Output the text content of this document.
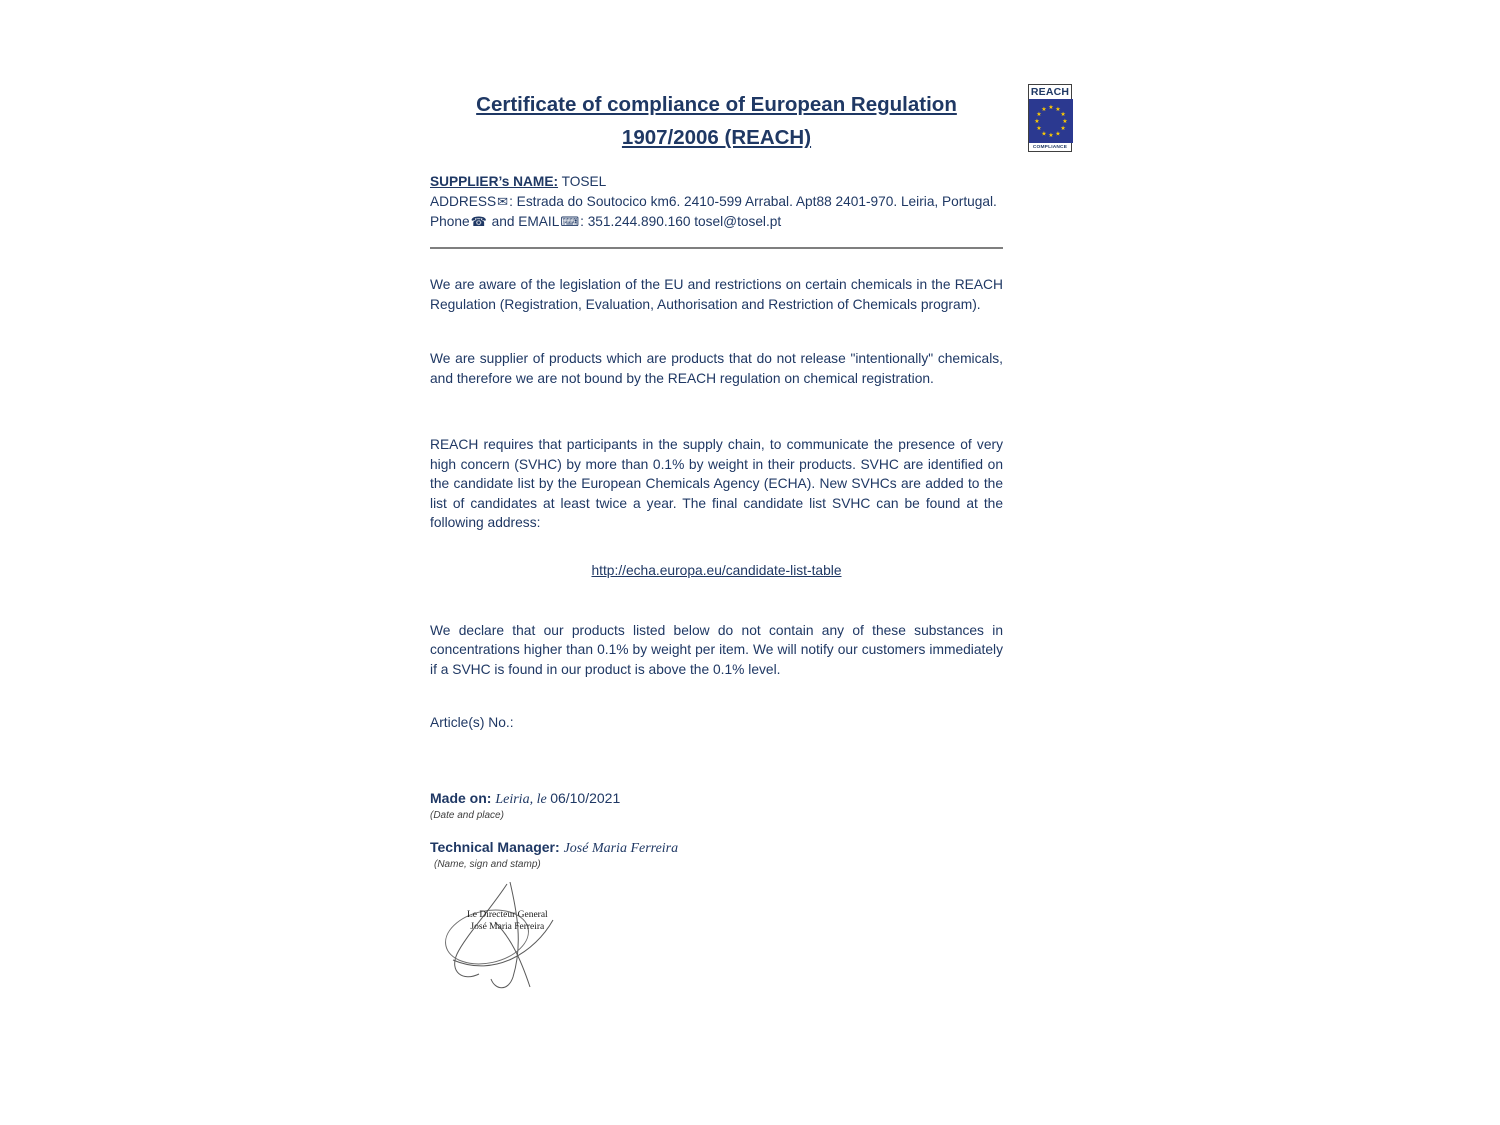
REACH
★ ★
★
★
★
★
★
★
★
★
★
★
COMPLIANCE
Certificate of compliance of European Regulation
1907/2006 (REACH)

SUPPLIER’s NAME: TOSEL

ADDRESS✉: Estrada do Soutocico km6. 2410-599 Arrabal. Apt88 2401-970. Leiria, Portugal.

Phone☎ and EMAIL⌨: 351.244.890.160 tosel@tosel.pt

We are aware of the legislation of the EU and restrictions on certain chemicals in the REACH Regulation (Registration, Evaluation, Authorisation and Restriction of Chemicals program).

We are supplier of products which are products that do not release "intentionally" chemicals, and therefore we are not bound by the REACH regulation on chemical registration.

REACH requires that participants in the supply chain, to communicate the presence of very high concern (SVHC) by more than 0.1% by weight in their products. SVHC are identified on the candidate list by the European Chemicals Agency (ECHA). New SVHCs are added to the list of candidates at least twice a year. The final candidate list SVHC can be found at the following address:

http://echa.europa.eu/candidate-list-table

We declare that our products listed below do not contain any of these substances in concentrations higher than 0.1% by weight per item. We will notify our customers immediately if a SVHC is found in our product is above the 0.1% level.

Article(s) No.:

Made on: Leiria, le 06/10/2021
(Date and place)
Technical Manager: José Maria Ferreira
(Name, sign and stamp)
Le Directeur General
José Maria Ferreira
